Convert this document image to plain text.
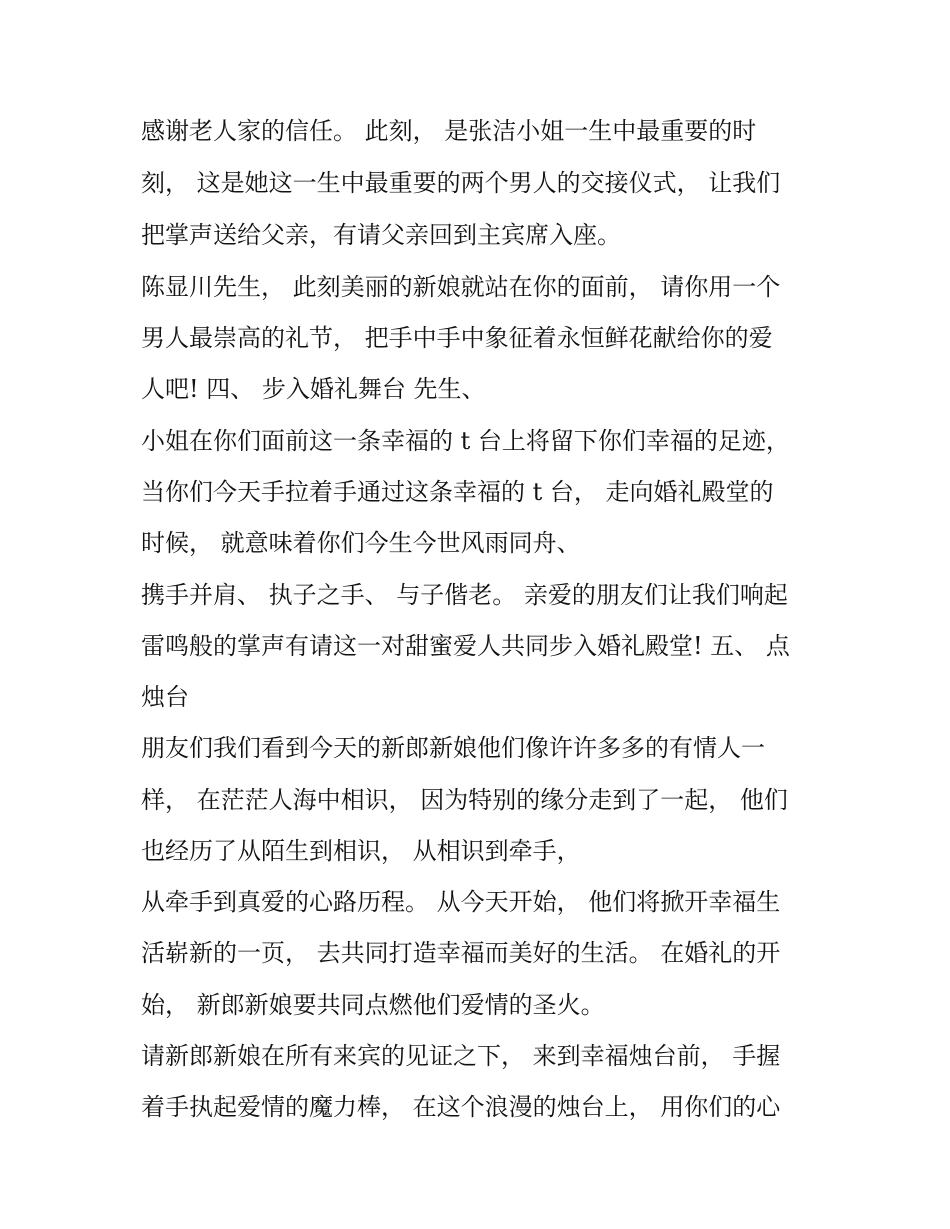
感谢老人家的信任。 此刻， 是张洁小姐一生中最重要的时
刻， 这是她这一生中最重要的两个男人的交接仪式， 让我们
把掌声送给父亲，有请父亲回到主宾席入座。
陈显川先生， 此刻美丽的新娘就站在你的面前， 请你用一个
男人最崇高的礼节， 把手中手中象征着永恒鲜花献给你的爱
人吧! 四、 步入婚礼舞台 先生、
小姐在你们面前这一条幸福的 t 台上将留下你们幸福的足迹，
当你们今天手拉着手通过这条幸福的 t 台， 走向婚礼殿堂的
时候， 就意味着你们今生今世风雨同舟、
携手并肩、 执子之手、 与子偕老。 亲爱的朋友们让我们响起
雷鸣般的掌声有请这一对甜蜜爱人共同步入婚礼殿堂! 五、 点
烛台
朋友们我们看到今天的新郎新娘他们像许许多多的有情人一
样， 在茫茫人海中相识， 因为特别的缘分走到了一起， 他们
也经历了从陌生到相识， 从相识到牵手，
从牵手到真爱的心路历程。 从今天开始， 他们将掀开幸福生
活崭新的一页， 去共同打造幸福而美好的生活。 在婚礼的开
始， 新郎新娘要共同点燃他们爱情的圣火。
请新郎新娘在所有来宾的见证之下， 来到幸福烛台前， 手握
着手执起爱情的魔力棒， 在这个浪漫的烛台上， 用你们的心
